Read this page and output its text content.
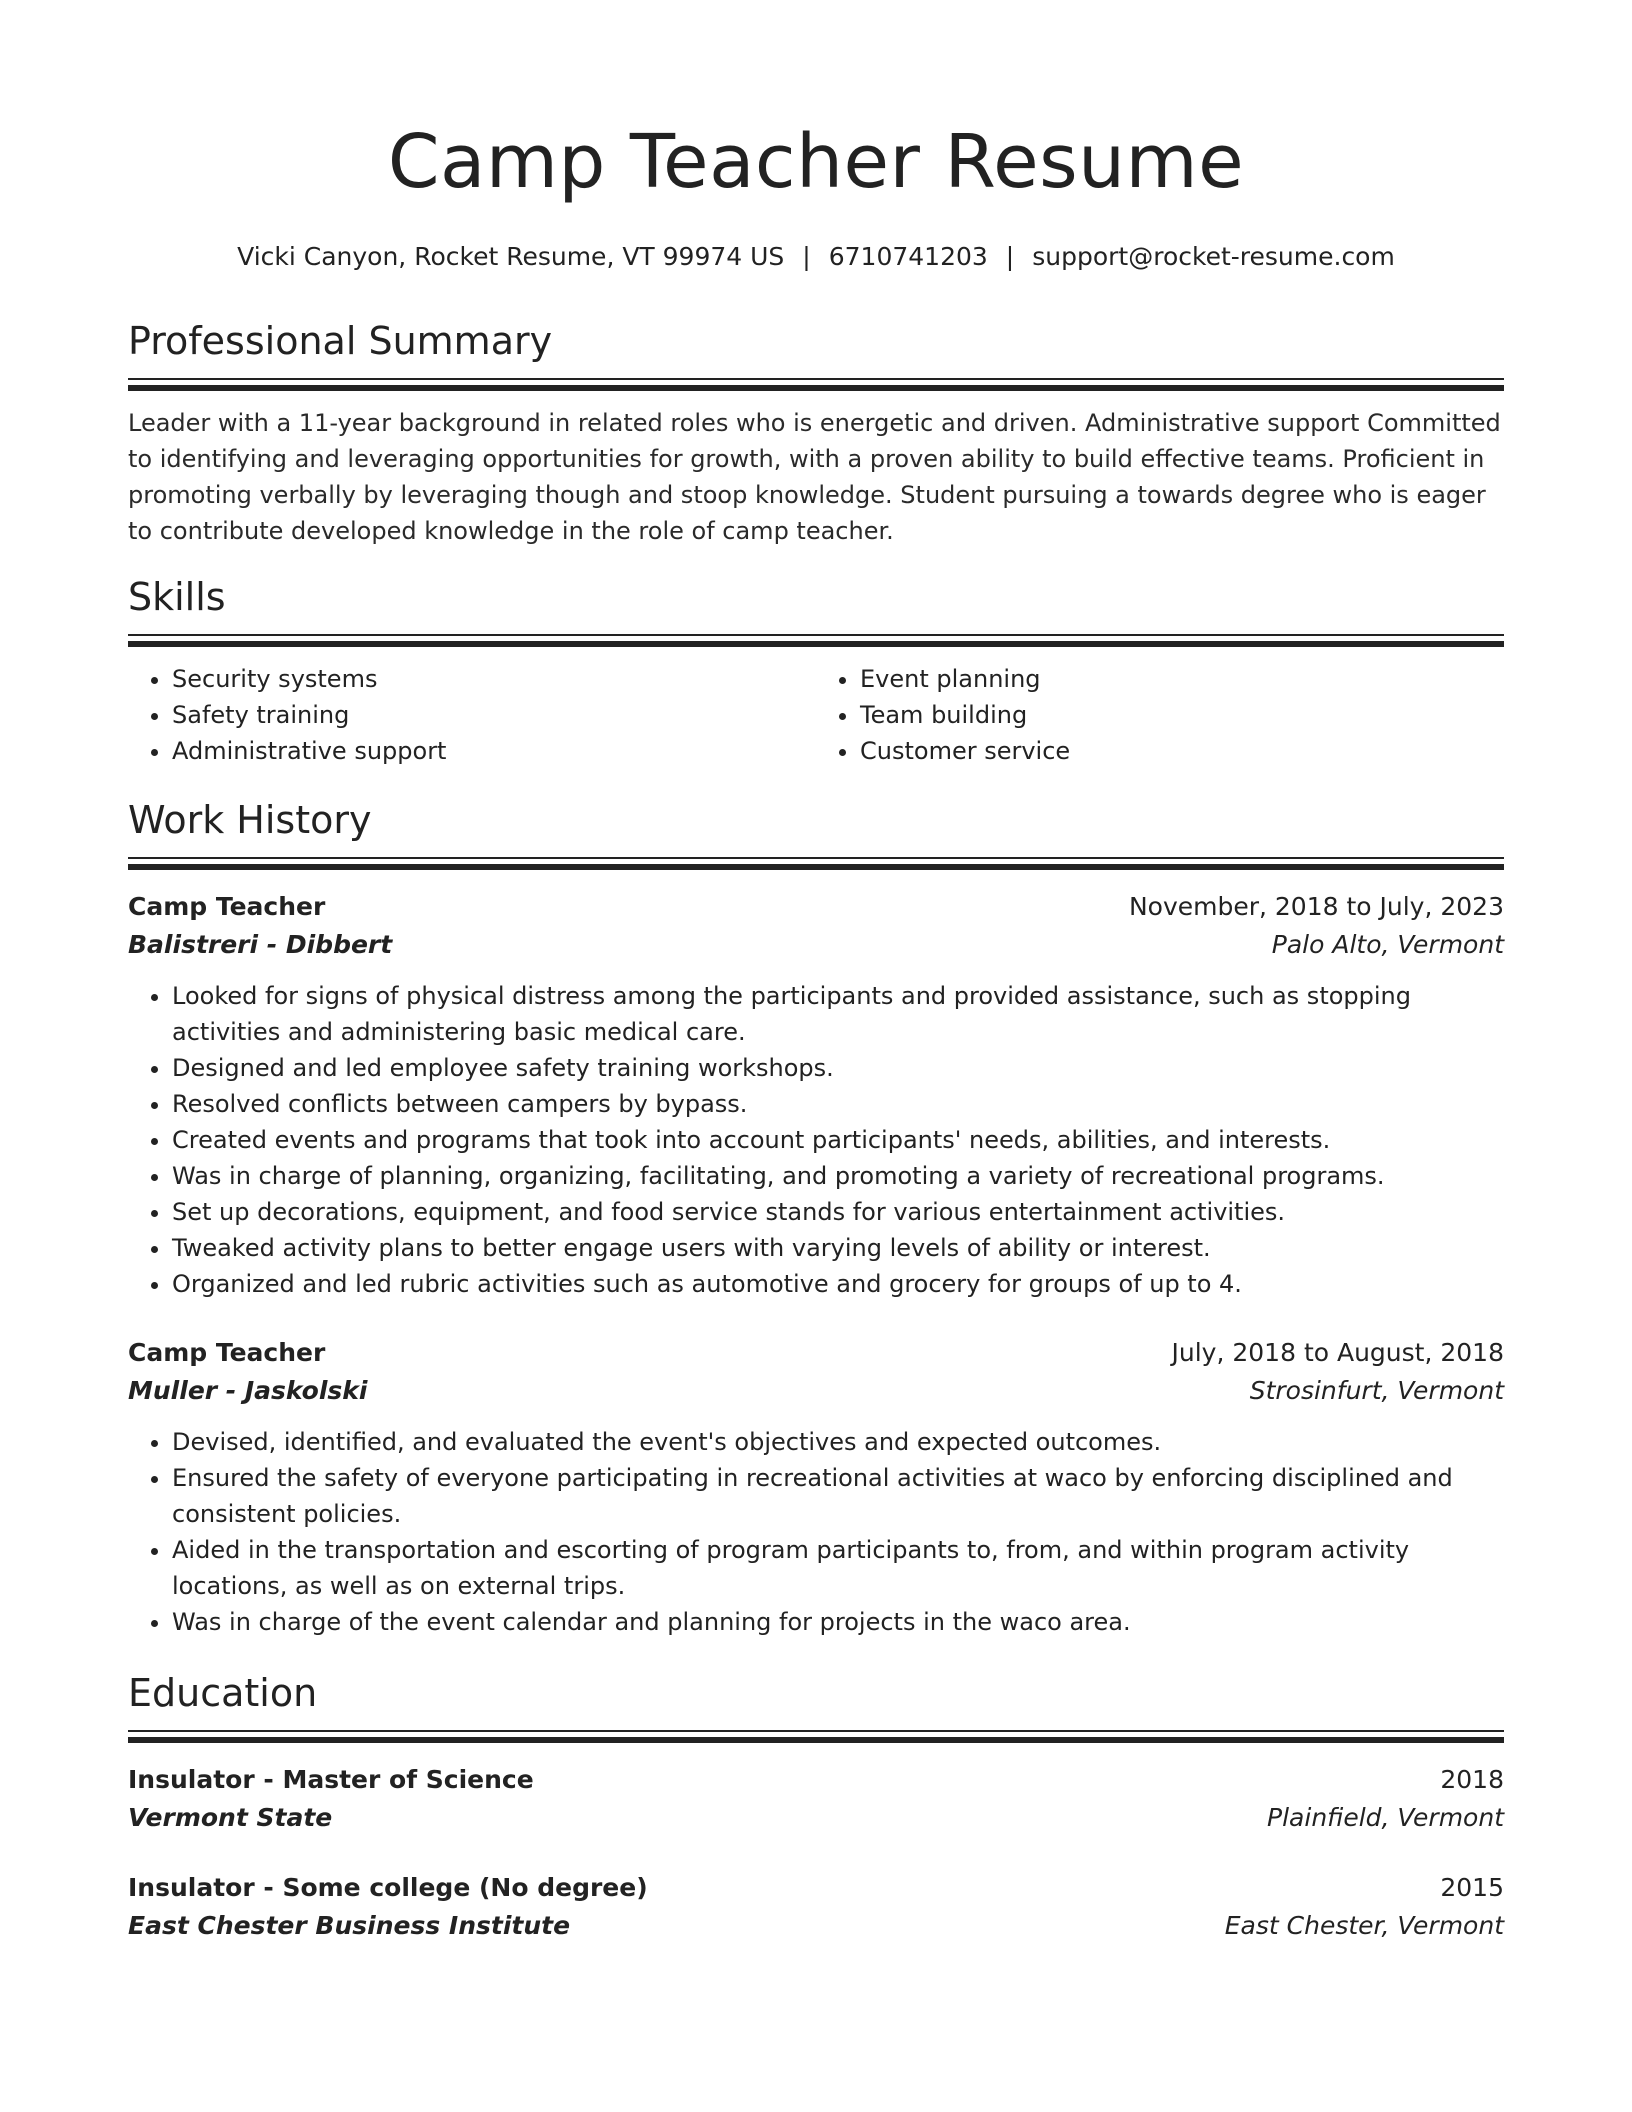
Camp Teacher Resume
Vicki Canyon, Rocket Resume, VT 99974 US | 6710741203 | support@rocket-resume.com
Professional Summary
Leader with a 11-year background in related roles who is energetic and driven. Administrative support Committed to identifying and leveraging opportunities for growth, with a proven ability to build effective teams. Proficient in promoting verbally by leveraging though and stoop knowledge. Student pursuing a towards degree who is eager to contribute developed knowledge in the role of camp teacher.
Skills
• Security systems
• Safety training
• Administrative support
• Event planning
• Team building
• Customer service
Work History
Camp Teacher	November, 2018 to July, 2023
Balistreri - Dibbert	Palo Alto, Vermont
• Looked for signs of physical distress among the participants and provided assistance, such as stopping activities and administering basic medical care.
• Designed and led employee safety training workshops.
• Resolved conflicts between campers by bypass.
• Created events and programs that took into account participants' needs, abilities, and interests.
• Was in charge of planning, organizing, facilitating, and promoting a variety of recreational programs.
• Set up decorations, equipment, and food service stands for various entertainment activities.
• Tweaked activity plans to better engage users with varying levels of ability or interest.
• Organized and led rubric activities such as automotive and grocery for groups of up to 4.
Camp Teacher	July, 2018 to August, 2018
Muller - Jaskolski	Strosinfurt, Vermont
• Devised, identified, and evaluated the event's objectives and expected outcomes.
• Ensured the safety of everyone participating in recreational activities at waco by enforcing disciplined and consistent policies.
• Aided in the transportation and escorting of program participants to, from, and within program activity locations, as well as on external trips.
• Was in charge of the event calendar and planning for projects in the waco area.
Education
Insulator - Master of Science	2018
Vermont State	Plainfield, Vermont
Insulator - Some college (No degree)	2015
East Chester Business Institute	East Chester, Vermont
